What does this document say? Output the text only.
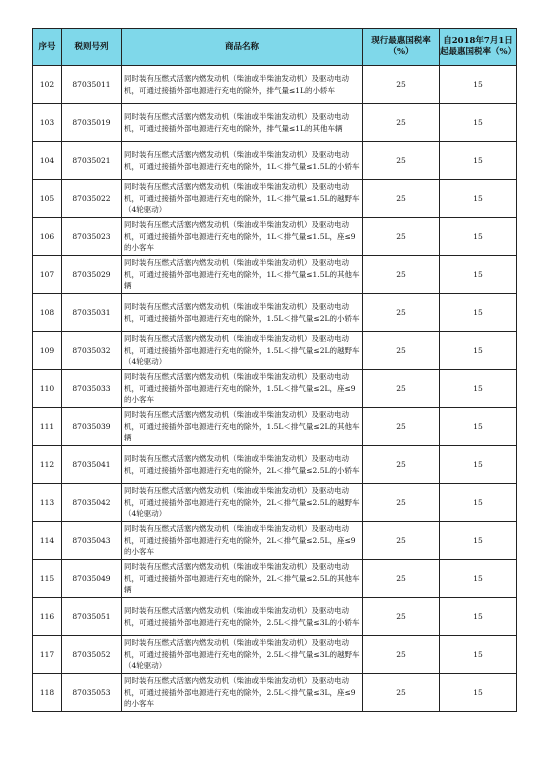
序号	税则号列	商品名称	现行最惠国税率（%）	自2018年7月1日起最惠国税率（%）
102	87035011	同时装有压燃式活塞内燃发动机（柴油或半柴油发动机）及驱动电动机，可通过接插外部电源进行充电的除外，排气量≤1L的小轿车	25	15
103	87035019	同时装有压燃式活塞内燃发动机（柴油或半柴油发动机）及驱动电动机，可通过接插外部电源进行充电的除外，排气量≤1L的其他车辆	25	15
104	87035021	同时装有压燃式活塞内燃发动机（柴油或半柴油发动机）及驱动电动机，可通过接插外部电源进行充电的除外，1L＜排气量≤1.5L的小轿车	25	15
105	87035022	同时装有压燃式活塞内燃发动机（柴油或半柴油发动机）及驱动电动机，可通过接插外部电源进行充电的除外，1L＜排气量≤1.5L的越野车（4轮驱动）	25	15
106	87035023	同时装有压燃式活塞内燃发动机（柴油或半柴油发动机）及驱动电动机，可通过接插外部电源进行充电的除外，1L＜排气量≤1.5L，座≤9的小客车	25	15
107	87035029	同时装有压燃式活塞内燃发动机（柴油或半柴油发动机）及驱动电动机，可通过接插外部电源进行充电的除外，1L＜排气量≤1.5L的其他车辆	25	15
108	87035031	同时装有压燃式活塞内燃发动机（柴油或半柴油发动机）及驱动电动机，可通过接插外部电源进行充电的除外，1.5L＜排气量≤2L的小轿车	25	15
109	87035032	同时装有压燃式活塞内燃发动机（柴油或半柴油发动机）及驱动电动机，可通过接插外部电源进行充电的除外，1.5L＜排气量≤2L的越野车（4轮驱动）	25	15
110	87035033	同时装有压燃式活塞内燃发动机（柴油或半柴油发动机）及驱动电动机，可通过接插外部电源进行充电的除外，1.5L＜排气量≤2L，座≤9的小客车	25	15
111	87035039	同时装有压燃式活塞内燃发动机（柴油或半柴油发动机）及驱动电动机，可通过接插外部电源进行充电的除外，1.5L＜排气量≤2L的其他车辆	25	15
112	87035041	同时装有压燃式活塞内燃发动机（柴油或半柴油发动机）及驱动电动机，可通过接插外部电源进行充电的除外，2L＜排气量≤2.5L的小轿车	25	15
113	87035042	同时装有压燃式活塞内燃发动机（柴油或半柴油发动机）及驱动电动机，可通过接插外部电源进行充电的除外，2L＜排气量≤2.5L的越野车（4轮驱动）	25	15
114	87035043	同时装有压燃式活塞内燃发动机（柴油或半柴油发动机）及驱动电动机，可通过接插外部电源进行充电的除外，2L＜排气量≤2.5L，座≤9的小客车	25	15
115	87035049	同时装有压燃式活塞内燃发动机（柴油或半柴油发动机）及驱动电动机，可通过接插外部电源进行充电的除外，2L＜排气量≤2.5L的其他车辆	25	15
116	87035051	同时装有压燃式活塞内燃发动机（柴油或半柴油发动机）及驱动电动机，可通过接插外部电源进行充电的除外，2.5L＜排气量≤3L的小轿车	25	15
117	87035052	同时装有压燃式活塞内燃发动机（柴油或半柴油发动机）及驱动电动机，可通过接插外部电源进行充电的除外，2.5L＜排气量≤3L的越野车（4轮驱动）	25	15
118	87035053	同时装有压燃式活塞内燃发动机（柴油或半柴油发动机）及驱动电动机，可通过接插外部电源进行充电的除外，2.5L＜排气量≤3L，座≤9的小客车	25	15
